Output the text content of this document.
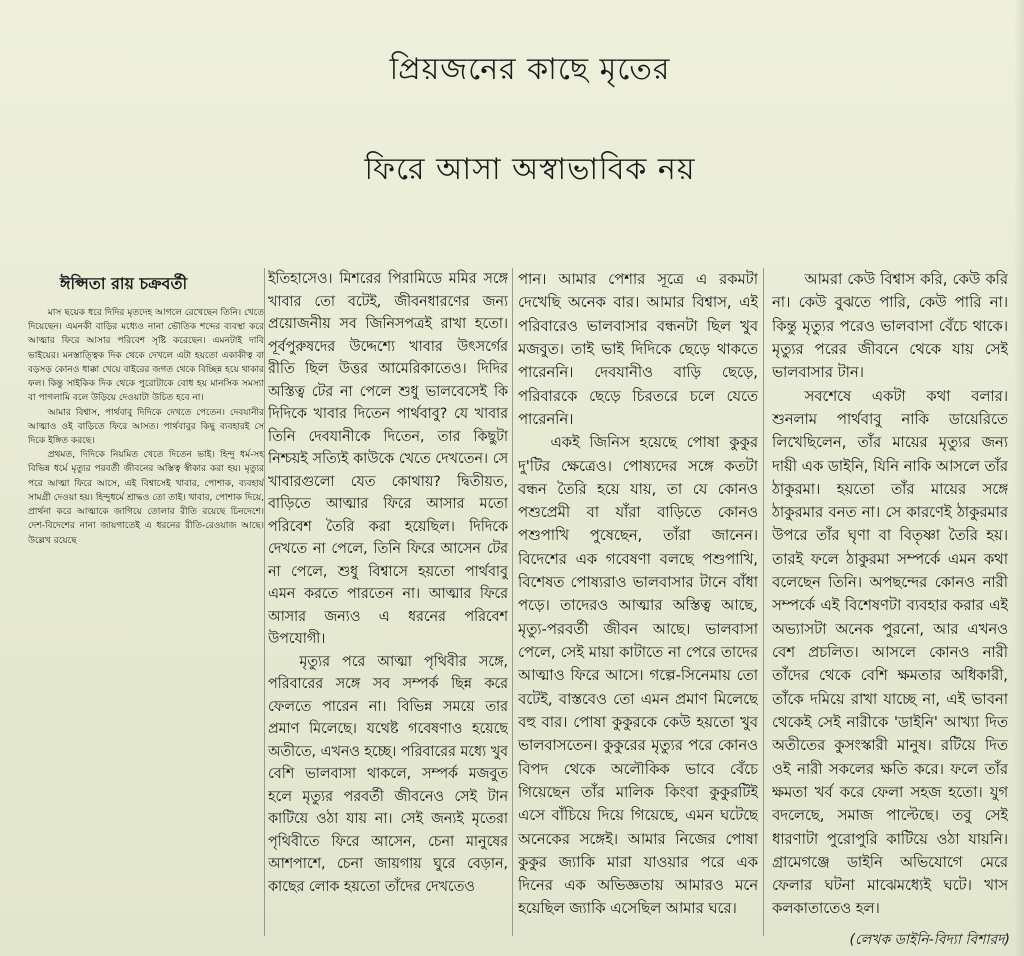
প্রিয়জনের কাছে মৃতের
ফিরে আসা অস্বাভাবিক নয়
ঈপ্সিতা রায় চক্রবর্তী

মাস ছয়েক ধরে দিদির মৃতদেহ আগলে রেখেছেন তিনি। খেতে দিয়েছেন। এমনকী বাড়ির মধ্যেও নানা ভৌতিক শব্দের ব্যবস্থা করে আত্মার ফিরে আসার পরিবেশ সৃষ্টি করেছেন। এমনটাই দাবি ভাইয়ের। মনস্তাত্ত্বিক দিক থেকে দেখলে এটা হয়তো একাকীত্ব বা বড়সড় কোনও ধাক্কা খেয়ে বাইরের জগত থেকে বিচ্ছিন্ন হয়ে থাকার ফল। কিন্তু সাইকিক দিক থেকে পুরোটাকে বোধ হয় মানসিক সমস্যা বা পাগলামি বলে উড়িয়ে দেওয়াটা উচিত হবে না।

আমার বিশ্বাস, পার্থবাবু দিদিকে দেখতে পেতেন। দেবযানীর আত্মাও ওই বাড়িতে ফিরে আসত। পার্থবাবুর কিছু ব্যবহারই সে দিকে ইঙ্গিত করছে।

প্রথমত, দিদিকে নিয়মিত খেতে দিতেন ভাই। হিন্দু ধর্ম-সহ বিভিন্ন ধর্মে মৃত্যুর পরবর্তী জীবনের অস্তিত্ব স্বীকার করা হয়। মৃত্যুর পরে আত্মা ফিরে আসে, এই বিশ্বাসেই খাবার, পোশাক, ব্যবহার্য সামগ্রী দেওয়া হয়। হিন্দুধর্মে শ্রাদ্ধও তো তাই। খাবার, পোশাক দিয়ে, প্রার্থনা করে আত্মাকে জাগিয়ে তোলার রীতি রয়েছে চিনদেশে। দেশ-বিদেশের নানা জায়গাতেই এ ধরনের রীতি-রেওয়াজ আছে। উল্লেখ রয়েছে

ইতিহাসেও। মিশরের পিরামিডে মমির সঙ্গে খাবার তো বটেই, জীবনধারণের জন্য প্রয়োজনীয় সব জিনিসপত্রই রাখা হতো। পূর্বপুরুষদের উদ্দেশ্যে খাবার উৎসর্গের রীতি ছিল উত্তর আমেরিকাতেও। দিদির অস্তিত্ব টের না পেলে শুধু ভালবেসেই কি দিদিকে খাবার দিতেন পার্থবাবু? যে খাবার তিনি দেবযানীকে দিতেন, তার কিছুটা নিশ্চয়ই সত্যিই কাউকে খেতে দেখতেন। সে খাবারগুলো যেত কোথায়? দ্বিতীয়ত, বাড়িতে আত্মার ফিরে আসার মতো পরিবেশ তৈরি করা হয়েছিল। দিদিকে দেখতে না পেলে, তিনি ফিরে আসেন টের না পেলে, শুধু বিশ্বাসে হয়তো পার্থবাবু এমন করতে পারতেন না। আত্মার ফিরে আসার জন্যও এ ধরনের পরিবেশ উপযোগী।

মৃত্যুর পরে আত্মা পৃথিবীর সঙ্গে, পরিবারের সঙ্গে সব সম্পর্ক ছিন্ন করে ফেলতে পারেন না। বিভিন্ন সময়ে তার প্রমাণ মিলেছে। যথেষ্ট গবেষণাও হয়েছে অতীতে, এখনও হচ্ছে। পরিবারের মধ্যে খুব বেশি ভালবাসা থাকলে, সম্পর্ক মজবুত হলে মৃত্যুর পরবর্তী জীবনেও সেই টান কাটিয়ে ওঠা যায় না। সেই জন্যই মৃতেরা পৃথিবীতে ফিরে আসেন, চেনা মানুষের আশপাশে, চেনা জায়গায় ঘুরে বেড়ান, কাছের লোক হয়তো তাঁদের দেখতেও

পান। আমার পেশার সূত্রে এ রকমটা দেখেছি অনেক বার। আমার বিশ্বাস, এই পরিবারেও ভালবাসার বন্ধনটা ছিল খুব মজবুত। তাই ভাই দিদিকে ছেড়ে থাকতে পারেননি। দেবযানীও বাড়ি ছেড়ে, পরিবারকে ছেড়ে চিরতরে চলে যেতে পারেননি।

একই জিনিস হয়েছে পোষা কুকুর দু'টির ক্ষেত্রেও। পোষ্যদের সঙ্গে কতটা বন্ধন তৈরি হয়ে যায়, তা যে কোনও পশুপ্রেমী বা যাঁরা বাড়িতে কোনও পশুপাখি পুষেছেন, তাঁরা জানেন। বিদেশের এক গবেষণা বলছে পশুপাখি, বিশেষত পোষ্যরাও ভালবাসার টানে বাঁধা পড়ে। তাদেরও আত্মার অস্তিত্ব আছে, মৃত্যু-পরবর্তী জীবন আছে। ভালবাসা পেলে, সেই মায়া কাটাতে না পেরে তাদের আত্মাও ফিরে আসে। গল্পে-সিনেমায় তো বটেই, বাস্তবেও তো এমন প্রমাণ মিলেছে বহু বার। পোষা কুকুরকে কেউ হয়তো খুব ভালবাসতেন। কুকুরের মৃত্যুর পরে কোনও বিপদ থেকে অলৌকিক ভাবে বেঁচে গিয়েছেন তাঁর মালিক কিংবা কুকুরটিই এসে বাঁচিয়ে দিয়ে গিয়েছে, এমন ঘটেছে অনেকের সঙ্গেই। আমার নিজের পোষা কুকুর জ্যাকি মারা যাওয়ার পরে এক দিনের এক অভিজ্ঞতায় আমারও মনে হয়েছিল জ্যাকি এসেছিল আমার ঘরে।

আমরা কেউ বিশ্বাস করি, কেউ করি না। কেউ বুঝতে পারি, কেউ পারি না। কিন্তু মৃত্যুর পরেও ভালবাসা বেঁচে থাকে। মৃত্যুর পরের জীবনে থেকে যায় সেই ভালবাসার টান।

সবশেষে একটা কথা বলার। শুনলাম পার্থবাবু নাকি ডায়েরিতে লিখেছিলেন, তাঁর মায়ের মৃত্যুর জন্য দায়ী এক ডাইনি, যিনি নাকি আসলে তাঁর ঠাকুরমা। হয়তো তাঁর মায়ের সঙ্গে ঠাকুরমার বনত না। সে কারণেই ঠাকুরমার উপরে তাঁর ঘৃণা বা বিতৃষ্ণা তৈরি হয়। তারই ফলে ঠাকুরমা সম্পর্কে এমন কথা বলেছেন তিনি। অপছন্দের কোনও নারী সম্পর্কে এই বিশেষণটা ব্যবহার করার এই অভ্যাসটা অনেক পুরনো, আর এখনও বেশ প্রচলিত। আসলে কোনও নারী তাঁদের থেকে বেশি ক্ষমতার অধিকারী, তাঁকে দমিয়ে রাখা যাচ্ছে না, এই ভাবনা থেকেই সেই নারীকে 'ডাইনি' আখ্যা দিত অতীতের কুসংস্কারী মানুষ। রটিয়ে দিত ওই নারী সকলের ক্ষতি করে। ফলে তাঁর ক্ষমতা খর্ব করে ফেলা সহজ হতো। যুগ বদলেছে, সমাজ পাল্টেছে। তবু সেই ধারণাটা পুরোপুরি কাটিয়ে ওঠা যায়নি। গ্রামেগঞ্জে ডাইনি অভিযোগে মেরে ফেলার ঘটনা মাঝেমধ্যেই ঘটে। খাস কলকাতাতেও হল।

(লেখক ডাইনি-বিদ্যা বিশারদ)
